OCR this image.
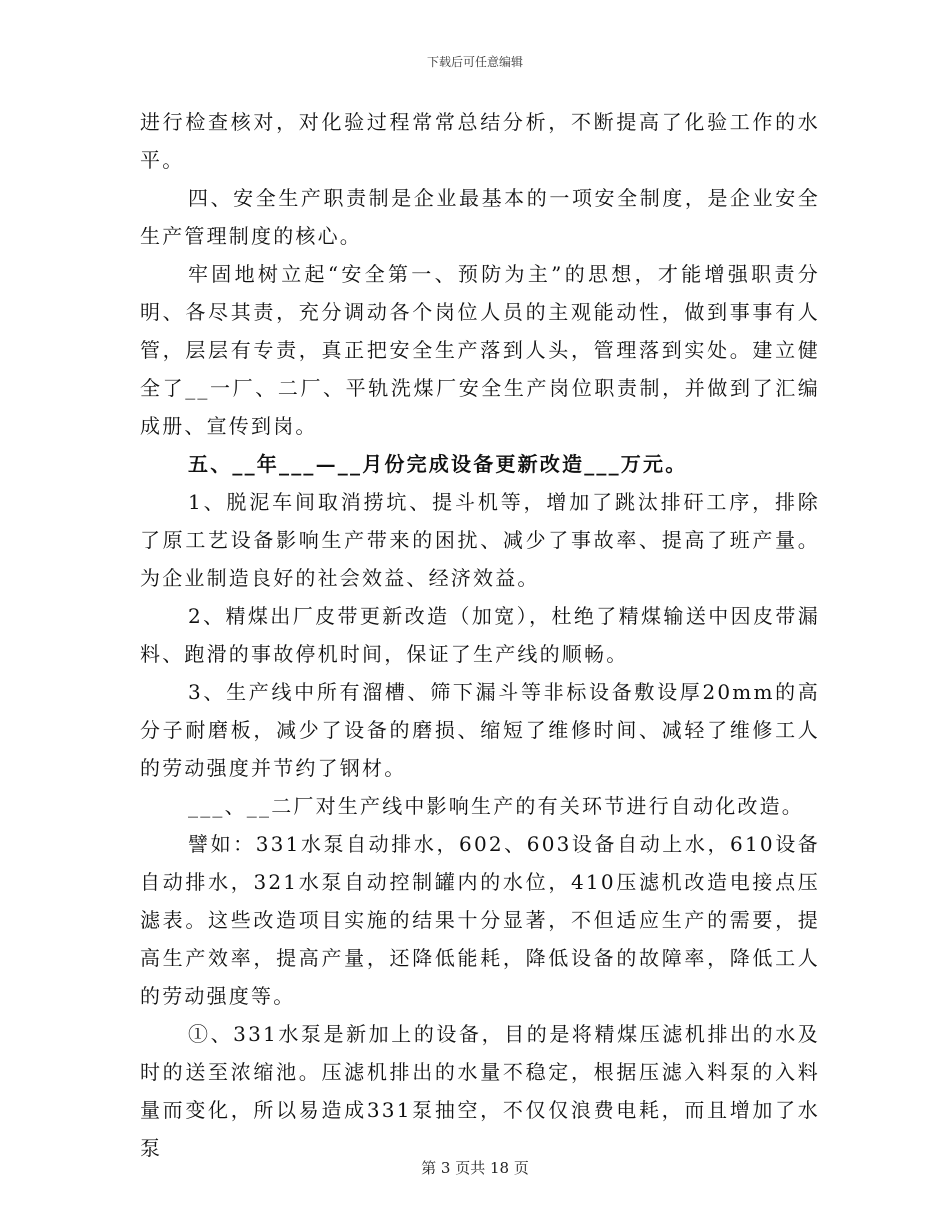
下载后可任意编辑

进行检查核对，对化验过程常常总结分析，不断提高了化验工作的水平。

四、安全生产职责制是企业最基本的一项安全制度，是企业安全生产管理制度的核心。

牢固地树立起“安全第一、预防为主”的思想，才能增强职责分明、各尽其责，充分调动各个岗位人员的主观能动性，做到事事有人管，层层有专责，真正把安全生产落到人头，管理落到实处。建立健全了__一厂、二厂、平轨洗煤厂安全生产岗位职责制，并做到了汇编成册、宣传到岗。

五、__年___—__月份完成设备更新改造___万元。

1、脱泥车间取消捞坑、提斗机等，增加了跳汰排矸工序，排除了原工艺设备影响生产带来的困扰、减少了事故率、提高了班产量。为企业制造良好的社会效益、经济效益。

2、精煤出厂皮带更新改造（加宽），杜绝了精煤输送中因皮带漏料、跑滑的事故停机时间，保证了生产线的顺畅。

3、生产线中所有溜槽、筛下漏斗等非标设备敷设厚20mm的高分子耐磨板，减少了设备的磨损、缩短了维修时间、减轻了维修工人的劳动强度并节约了钢材。

___、__二厂对生产线中影响生产的有关环节进行自动化改造。

譬如：331水泵自动排水，602、603设备自动上水，610设备自动排水，321水泵自动控制罐内的水位，410压滤机改造电接点压滤表。这些改造项目实施的结果十分显著，不但适应生产的需要，提高生产效率，提高产量，还降低能耗，降低设备的故障率，降低工人的劳动强度等。

①、331水泵是新加上的设备，目的是将精煤压滤机排出的水及时的送至浓缩池。压滤机排出的水量不稳定，根据压滤入料泵的入料量而变化，所以易造成331泵抽空，不仅仅浪费电耗，而且增加了水泵

第 3 页共 18 页
